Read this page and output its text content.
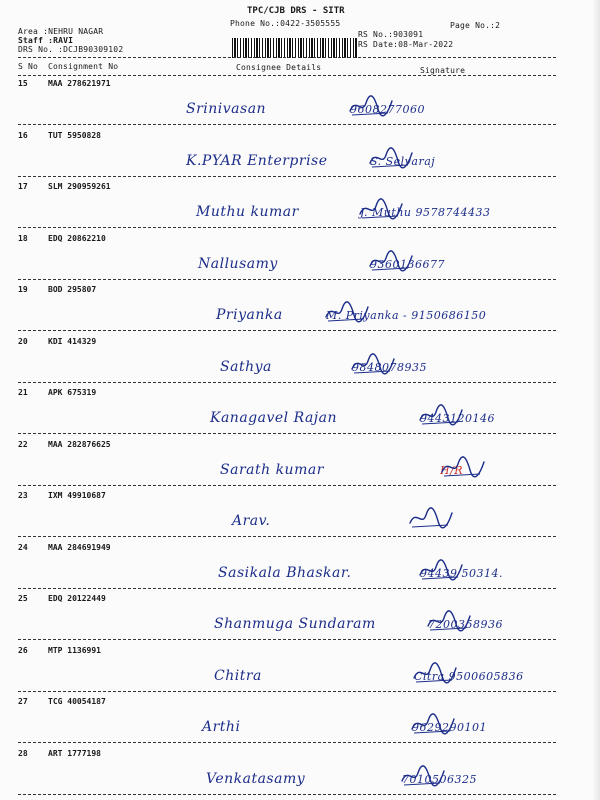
TPC/CJB DRS - SITR
Phone No.:0422-3505555	Page No.:2
Area :NEHRU NAGAR
Staff :RAVI
DRS No. :DCJB90309102
RS No.:903091
RS Date:08-Mar-2022
S No Consignment No	Consignee Details	Signature
15	MAA 278621971
Srinivasan	9608277060
16	TUT 5950828
K.PYAR Enterprise	S. Selvaraj
17	SLM 290959261
Muthu kumar	J. Muthu 9578744433
18	EDQ 20862210
Nallusamy	9360136677
19	BOD 295807
Priyanka	M. Priyanka - 9150686150
20	KDI 414329
Sathya	9848078935
21	APK 675319
Kanagavel Rajan	9443120146
22	MAA 282876625
Sarath kumar	H/R
23	IXM 49910687
Arav.
24	MAA 284691949
Sasikala Bhaskar.	94439 50314.
25	EDQ 20122449
Shanmuga Sundaram	7200358936
26	MTP 1136991
Chitra	Citra 9500605836
27	TCG 40054187
Arthi	9629290101
28	ART 1777198
Venkatasamy	7010506325
